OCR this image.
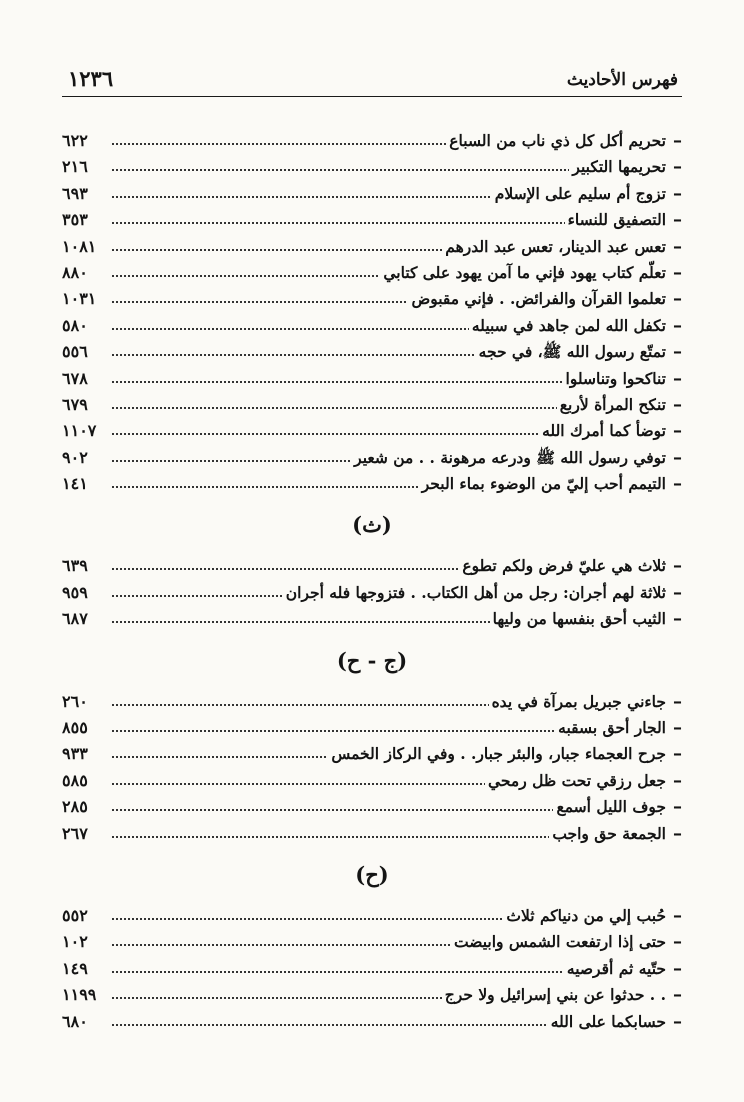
فهرس الأحاديث
١٢٣٦
–
تحريم أكل كل ذي ناب من السباع
٦٢٢
–
تحريمها التكبير
٢١٦
–
تزوج أم سليم على الإسلام
٦٩٣
–
التصفيق للنساء
٣٥٣
–
تعس عبد الدينار، تعس عبد الدرهم
١٠٨١
–
تعلّم كتاب يهود فإني ما آمن يهود على كتابي
٨٨٠
–
تعلموا القرآن والفرائض. . فإني مقبوض
١٠٣١
–
تكفل الله لمن جاهد في سبيله
٥٨٠
–
تمتّع رسول الله ﷺ، في حجه
٥٥٦
–
تناكحوا وتناسلوا
٦٧٨
–
تنكح المرأة لأربع
٦٧٩
–
توضأ كما أمرك الله
١١٠٧
–
توفي رسول الله ﷺ ودرعه مرهونة . . من شعير
٩٠٢
–
التيمم أحب إليّ من الوضوء بماء البحر
١٤١
(ث)
–
ثلاث هي عليّ فرض ولكم تطوع
٦٣٩
–
ثلاثة لهم أجران: رجل من أهل الكتاب. . فتزوجها فله أجران
٩٥٩
–
الثيب أحق بنفسها من وليها
٦٨٧
(ج - ح)
–
جاءني جبريل بمرآة في يده
٢٦٠
–
الجار أحق بسقبه
٨٥٥
–
جرح العجماء جبار، والبئر جبار. . وفي الركاز الخمس
٩٣٣
–
جعل رزقي تحت ظل رمحي
٥٨٥
–
جوف الليل أسمع
٢٨٥
–
الجمعة حق واجب
٢٦٧
(ح)
–
حُبب إلي من دنياكم ثلاث
٥٥٢
–
حتى إذا ارتفعت الشمس وابيضت
١٠٢
–
حتّيه ثم أقرصيه
١٤٩
–
. . حدثوا عن بني إسرائيل ولا حرج
١١٩٩
–
حسابكما على الله
٦٨٠
